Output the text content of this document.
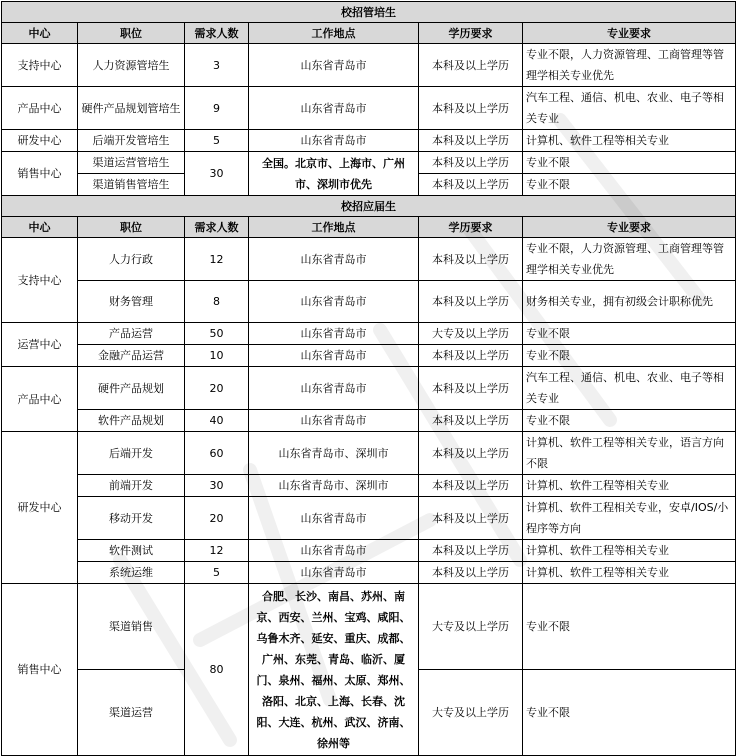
校招管培生					
中心	职位	需求人数	工作地点	学历要求	专业要求
支持中心	人力资源管培生	3	山东省青岛市	本科及以上学历	专业不限，人力资源管理、工商管理等管理学相关专业优先
产品中心	硬件产品规划管培生	9	山东省青岛市	本科及以上学历	汽车工程、通信、机电、农业、电子等相关专业
研发中心	后端开发管培生	5	山东省青岛市	本科及以上学历	计算机、软件工程等相关专业
销售中心	渠道运营管培生	30	全国。北京市、上海市、广州市、深圳市优先	本科及以上学历	专业不限
	渠道销售管培生			本科及以上学历	专业不限
校招应届生					
中心	职位	需求人数	工作地点	学历要求	专业要求
支持中心	人力行政	12	山东省青岛市	本科及以上学历	专业不限，人力资源管理、工商管理等管理学相关专业优先
	财务管理	8	山东省青岛市	本科及以上学历	财务相关专业，拥有初级会计职称优先
运营中心	产品运营	50	山东省青岛市	大专及以上学历	专业不限
	金融产品运营	10	山东省青岛市	本科及以上学历	专业不限
产品中心	硬件产品规划	20	山东省青岛市	本科及以上学历	汽车工程、通信、机电、农业、电子等相关专业
	软件产品规划	40	山东省青岛市	本科及以上学历	专业不限
研发中心	后端开发	60	山东省青岛市、深圳市	本科及以上学历	计算机、软件工程等相关专业，语言方向不限
	前端开发	30	山东省青岛市、深圳市	本科及以上学历	计算机、软件工程等相关专业
	移动开发	20	山东省青岛市	本科及以上学历	计算机、软件工程相关专业，安卓/IOS/小程序等方向
	软件测试	12	山东省青岛市	本科及以上学历	计算机、软件工程等相关专业
	系统运维	5	山东省青岛市	本科及以上学历	计算机、软件工程等相关专业
销售中心	渠道销售	80	合肥、长沙、南昌、苏州、南京、西安、兰州、宝鸡、咸阳、乌鲁木齐、延安、重庆、成都、广州、东莞、青岛、临沂、厦门、泉州、福州、太原、郑州、洛阳、北京、上海、长春、沈阳、大连、杭州、武汉、济南、徐州等	大专及以上学历	专业不限
	渠道运营			大专及以上学历	专业不限
